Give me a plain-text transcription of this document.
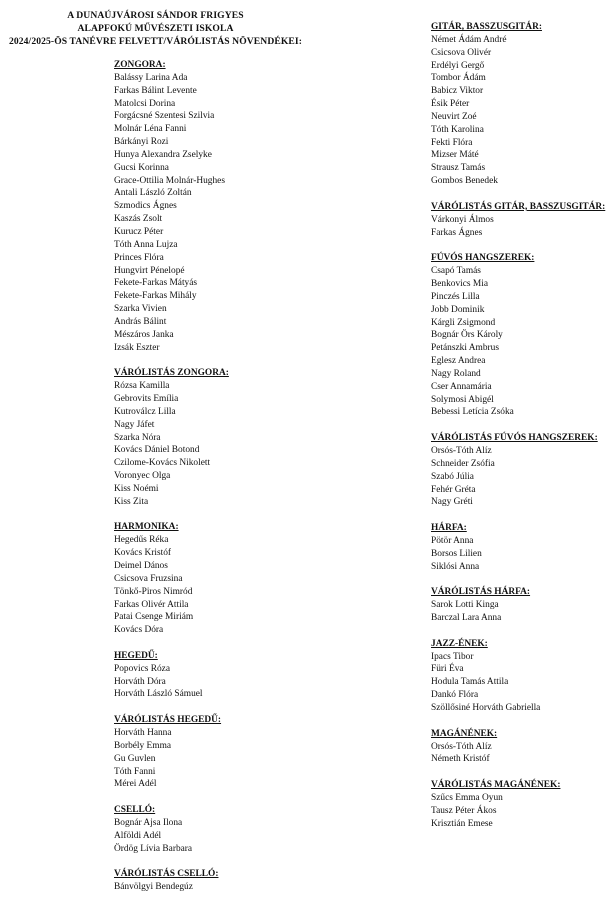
A DUNAÚJVÁROSI SÁNDOR FRIGYES
ALAPFOKÚ MŰVÉSZETI ISKOLA
2024/2025-ÖS TANÉVRE FELVETT/VÁRÓLISTÁS NÖVENDÉKEI:
ZONGORA:
Balássy Larina Ada
Farkas Bálint Levente
Matolcsi Dorina
Forgácsné Szentesi Szilvia
Molnár Léna Fanni
Bárkányi Rozi
Hunya Alexandra Zselyke
Gucsi Korinna
Grace-Ottilia Molnár-Hughes
Antali László Zoltán
Szmodics Ágnes
Kaszás Zsolt
Kurucz Péter
Tóth Anna Lujza
Princes Flóra
Hungvirt Pénelopé
Fekete-Farkas Mátyás
Fekete-Farkas Mihály
Szarka Vivien
András Bálint
Mészáros Janka
Izsák Eszter
VÁRÓLISTÁS ZONGORA:
Rózsa Kamilla
Gebrovits Emília
Kutroválcz Lilla
Nagy Jáfet
Szarka Nóra
Kovács Dániel Botond
Czilome-Kovács Nikolett
Voronyec Olga
Kiss Noémi
Kiss Zita
HARMONIKA:
Hegedűs Réka
Kovács Kristóf
Deimel Dános
Csicsova Fruzsina
Tönkő-Piros Nimród
Farkas Olivér Attila
Patai Csenge Miriám
Kovács Dóra
HEGEDŰ:
Popovics Róza
Horváth Dóra
Horváth László Sámuel
VÁRÓLISTÁS HEGEDŰ:
Horváth Hanna
Borbély Emma
Gu Guvlen
Tóth Fanni
Mérei Adél
CSELLÓ:
Bognár Ajsa Ilona
Alföldi Adél
Ördög Lívia Barbara
VÁRÓLISTÁS CSELLÓ:
Bánvölgyi Bendegúz
GITÁR, BASSZUSGITÁR:
Német Ádám André
Csicsova Olivér
Erdélyi Gergő
Tombor Ádám
Babicz Viktor
Ésik Péter
Neuvirt Zoé
Tóth Karolina
Fekti Flóra
Mizser Máté
Strausz Tamás
Gombos Benedek
VÁRÓLISTÁS GITÁR, BASSZUSGITÁR:
Várkonyi Álmos
Farkas Ágnes
FÚVÓS HANGSZEREK:
Csapó Tamás
Benkovics Mia
Pinczés Lilla
Jobb Dominik
Kárgli Zsigmond
Bognár Örs Károly
Petánszki Ambrus
Eglesz Andrea
Nagy Roland
Cser Annamária
Solymosi Abigél
Bebessi Letícia Zsóka
VÁRÓLISTÁS FÚVÓS HANGSZEREK:
Orsós-Tóth Alíz
Schneider Zsófia
Szabó Júlia
Fehér Gréta
Nagy Gréti
HÁRFA:
Pötör Anna
Borsos Lilien
Siklósi Anna
VÁRÓLISTÁS HÁRFA:
Sarok Lotti Kinga
Barczal Lara Anna
JAZZ-ÉNEK:
Ipacs Tibor
Füri Éva
Hodula Tamás Attila
Dankó Flóra
Szöllősiné Horváth Gabriella
MAGÁNÉNEK:
Orsós-Tóth Alíz
Németh Kristóf
VÁRÓLISTÁS MAGÁNÉNEK:
Szűcs Emma Oyun
Tausz Péter Ákos
Krisztián Emese
